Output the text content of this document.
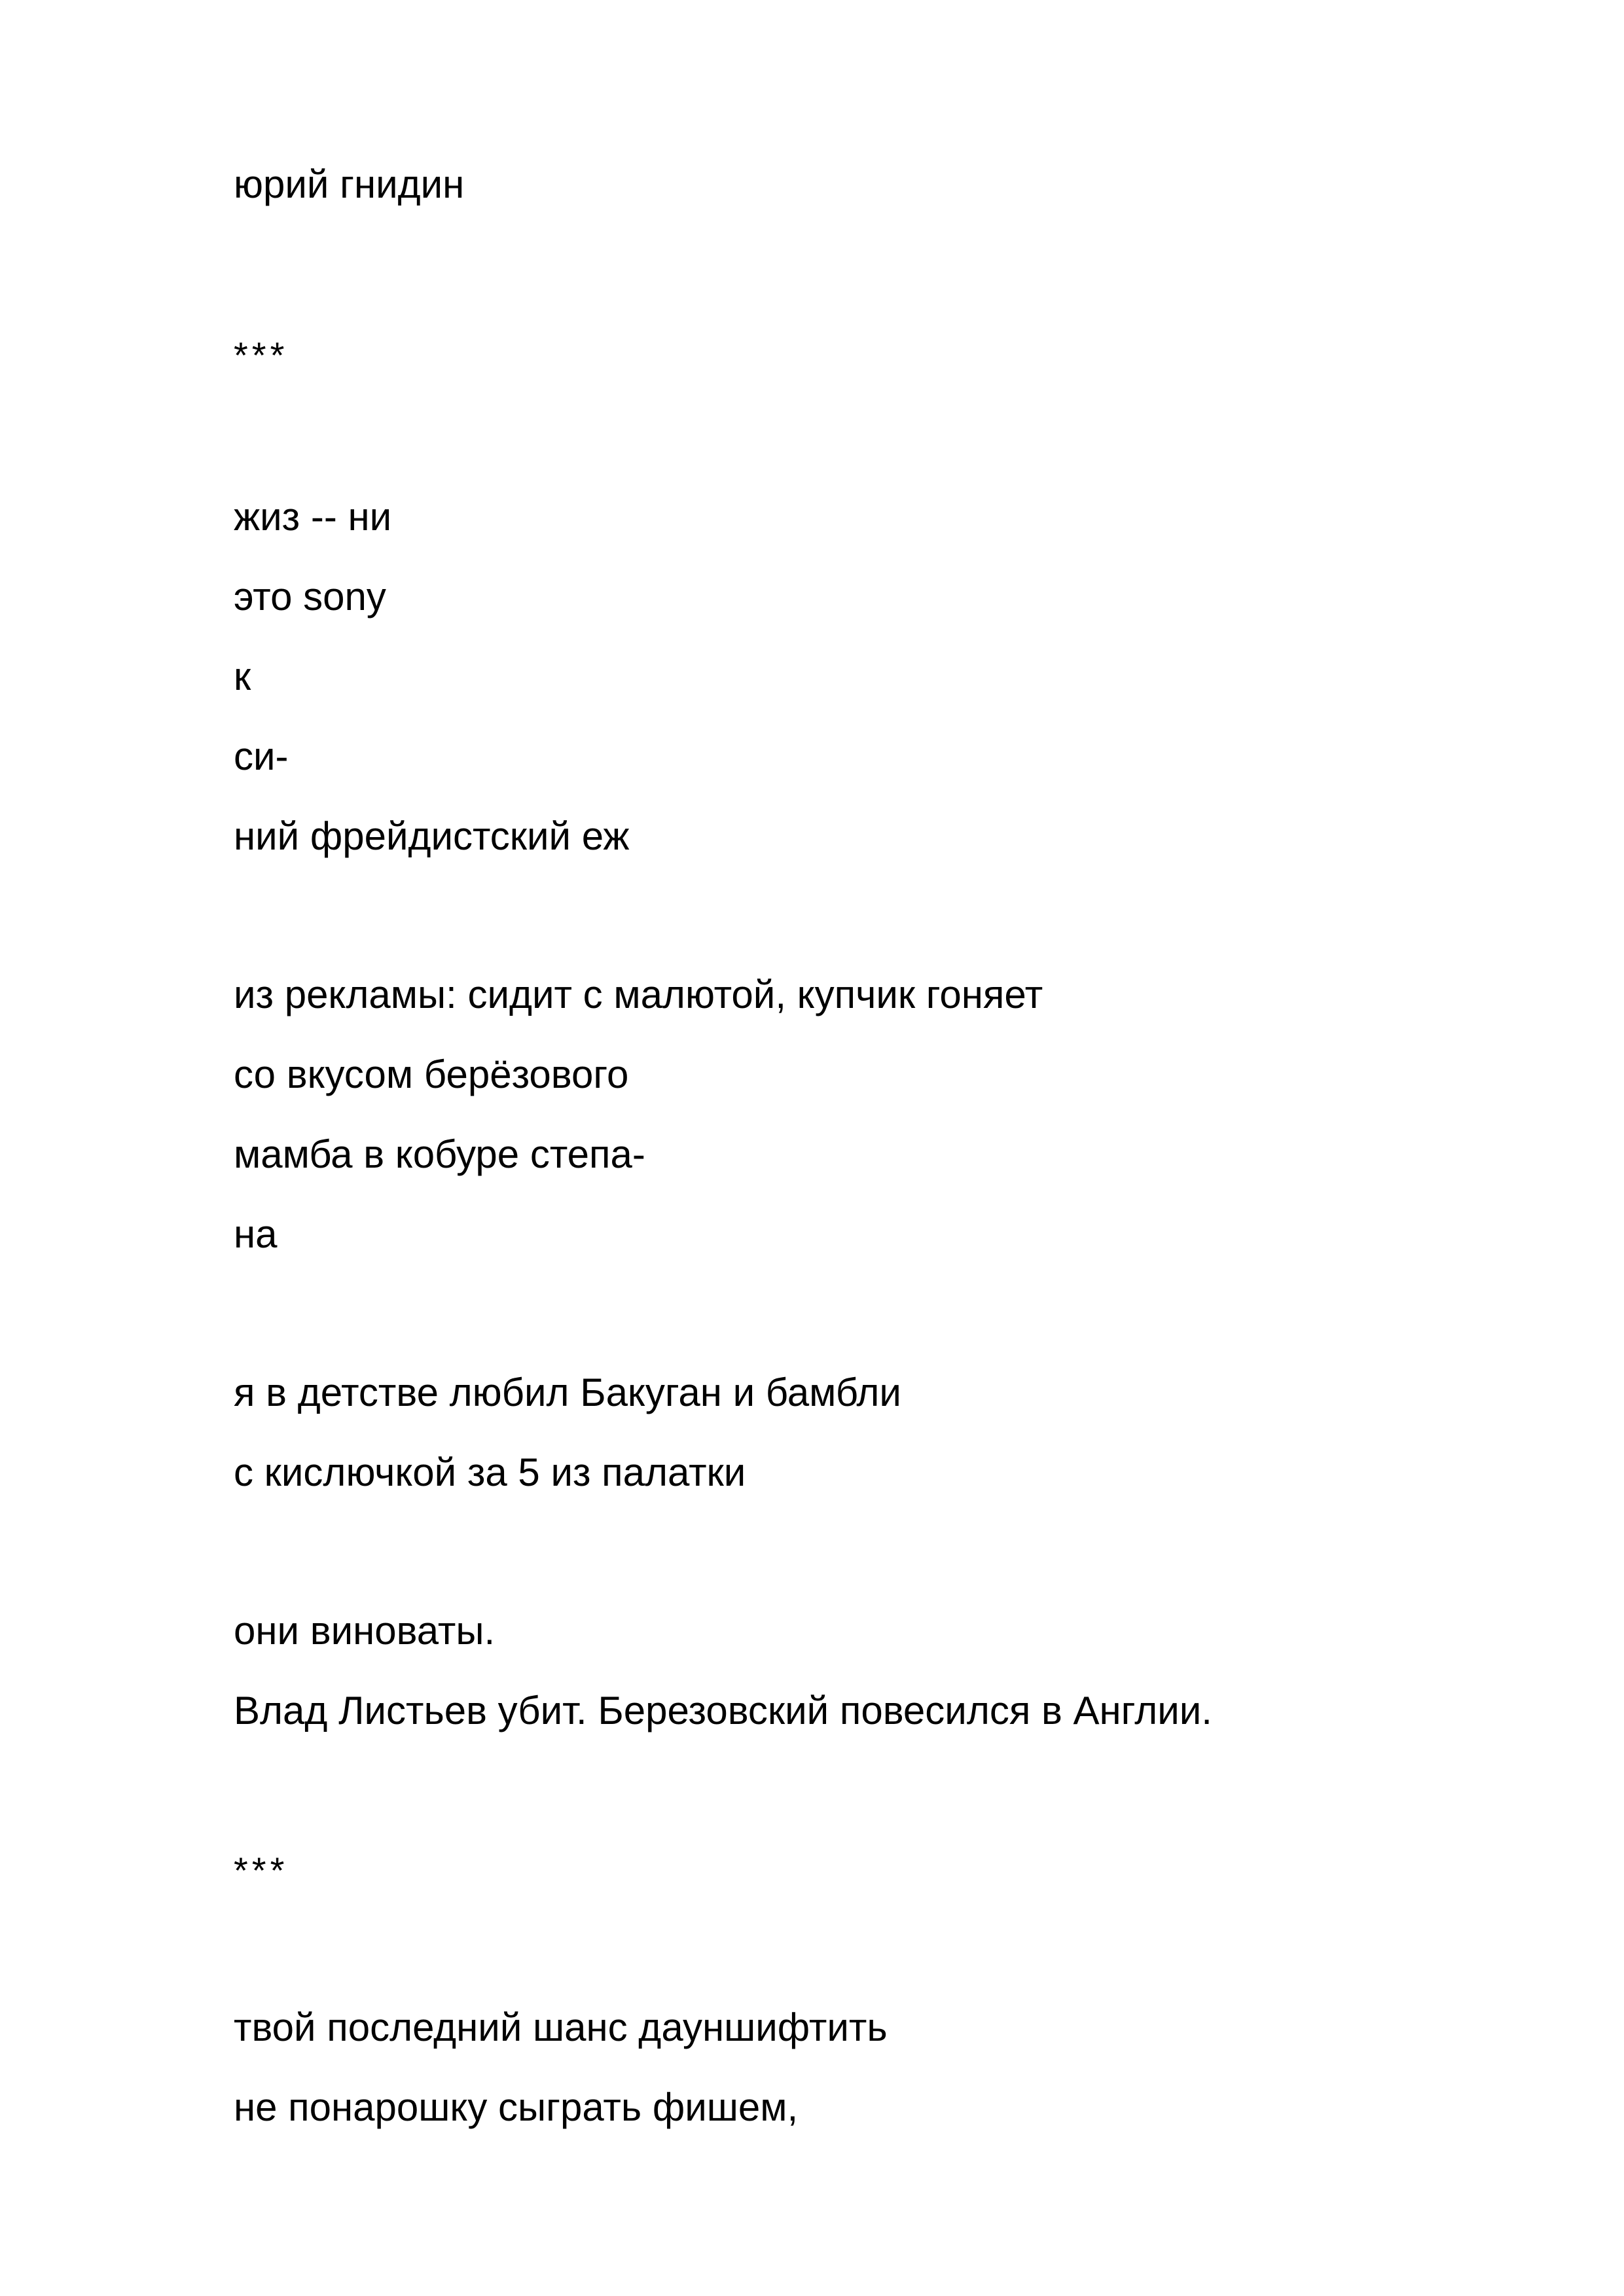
юрий гнидин
***
жиз -- ни
это sony
к
си-
ний фрейдистский еж
из рекламы: сидит с малютой, купчик гоняет
со вкусом берёзового
мамба в кобуре степа-
на
я в детстве любил Бакуган и бамбли
с кислючкой за 5 из палатки
они виноваты.
Влад Листьев убит. Березовский повесился в Англии.
***
твой последний шанс дауншифтить
не понарошку сыграть фишем,
